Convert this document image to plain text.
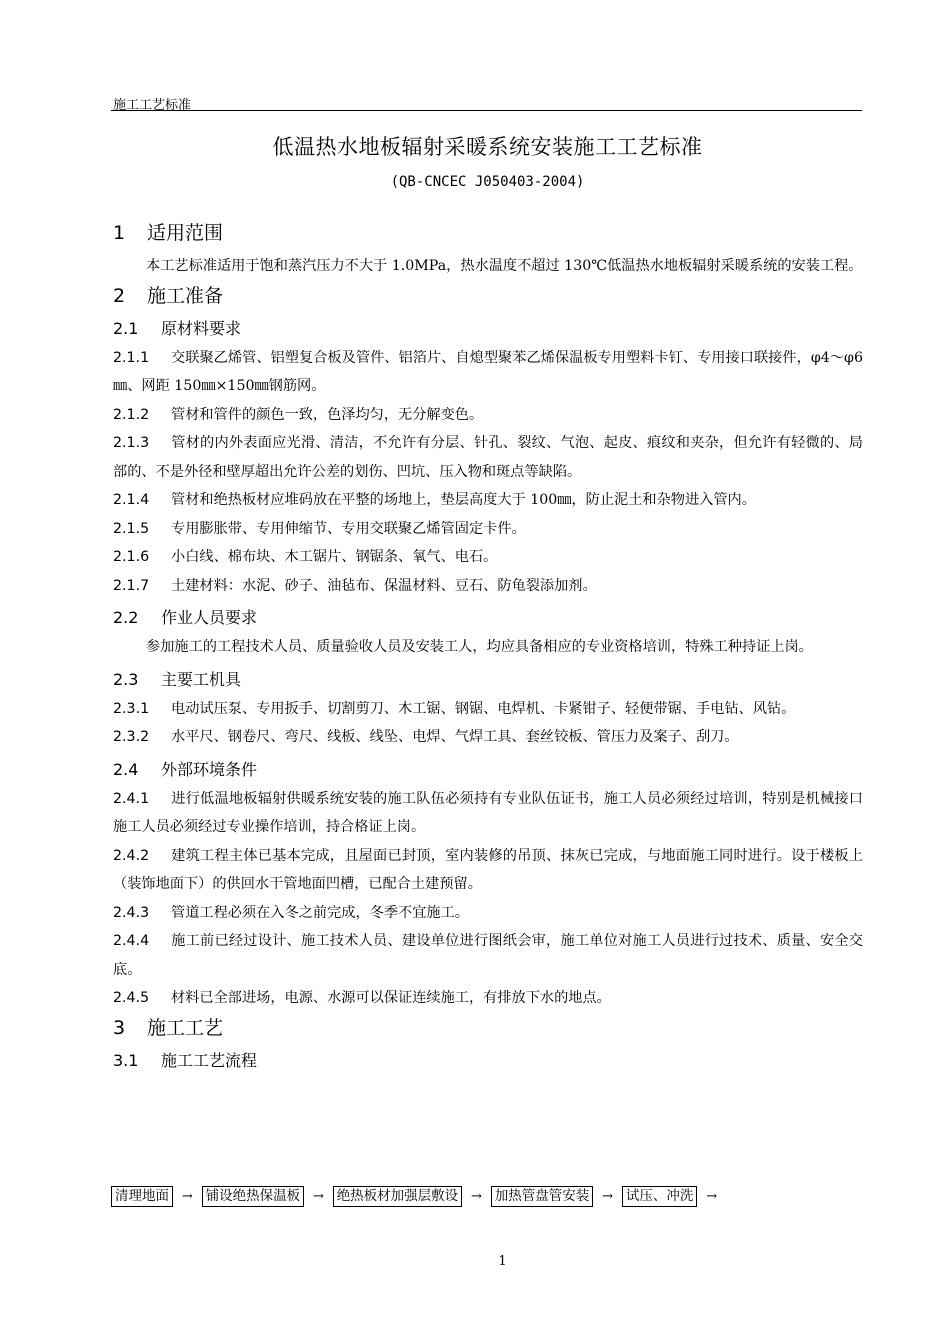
施工工艺标准
低温热水地板辐射采暖系统安装施工工艺标准
(QB-CNCEC J050403-2004)
1 适用范围

本工艺标准适用于饱和蒸汽压力不大于 1.0MPa，热水温度不超过 130℃低温热水地板辐射采暖系统的安装工程。

2 施工准备
2.1 原材料要求

2.1.1 交联聚乙烯管、铝塑复合板及管件、铝箔片、自熄型聚苯乙烯保温板专用塑料卡钉、专用接口联接件，φ4～φ6㎜、网距 150㎜×150㎜钢筋网。

2.1.2 管材和管件的颜色一致，色泽均匀，无分解变色。

2.1.3 管材的内外表面应光滑、清洁，不允许有分层、针孔、裂纹、气泡、起皮、痕纹和夹杂，但允许有轻微的、局部的、不是外径和壁厚超出允许公差的划伤、凹坑、压入物和斑点等缺陷。

2.1.4 管材和绝热板材应堆码放在平整的场地上，垫层高度大于 100㎜，防止泥土和杂物进入管内。

2.1.5 专用膨胀带、专用伸缩节、专用交联聚乙烯管固定卡件。

2.1.6 小白线、棉布块、木工锯片、钢锯条、氧气、电石。

2.1.7 土建材料：水泥、砂子、油毡布、保温材料、豆石、防龟裂添加剂。

2.2 作业人员要求

参加施工的工程技术人员、质量验收人员及安装工人，均应具备相应的专业资格培训，特殊工种持证上岗。

2.3 主要工机具

2.3.1 电动试压泵、专用扳手、切割剪刀、木工锯、钢锯、电焊机、卡紧钳子、轻便带锯、手电钻、风钻。

2.3.2 水平尺、钢卷尺、弯尺、线板、线坠、电焊、气焊工具、套丝铰板、管压力及案子、刮刀。

2.4 外部环境条件

2.4.1 进行低温地板辐射供暖系统安装的施工队伍必须持有专业队伍证书，施工人员必须经过培训，特别是机械接口施工人员必须经过专业操作培训，持合格证上岗。

2.4.2 建筑工程主体已基本完成，且屋面已封顶，室内装修的吊顶、抹灰已完成，与地面施工同时进行。设于楼板上（装饰地面下）的供回水干管地面凹槽，已配合土建预留。

2.4.3 管道工程必须在入冬之前完成，冬季不宜施工。

2.4.4 施工前已经过设计、施工技术人员、建设单位进行图纸会审，施工单位对施工人员进行过技术、质量、安全交底。

2.4.5 材料已全部进场，电源、水源可以保证连续施工，有排放下水的地点。

3 施工工艺
3.1 施工工艺流程
清理地面 → 铺设绝热保温板 → 绝热板材加强层敷设 → 加热管盘管安装 → 试压、冲洗 →
1
